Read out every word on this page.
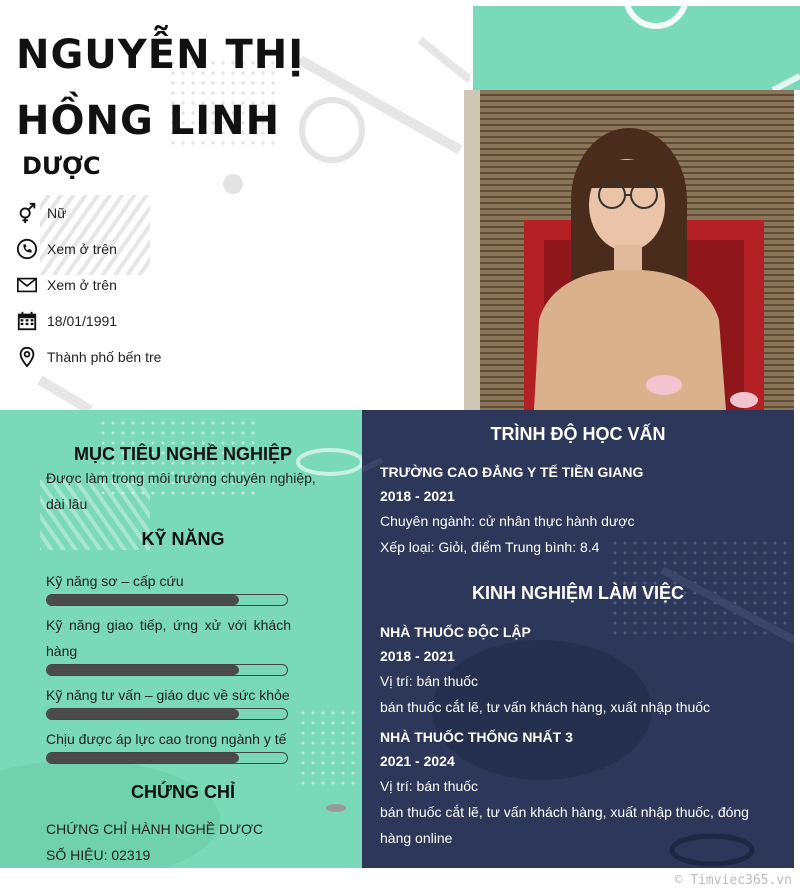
NGUYỄN THỊ HỒNG LINH
DƯỢC
Nữ
Xem ở trên
Xem ở trên
18/01/1991
Thành phố bến tre
MỤC TIÊU NGHỀ NGHIỆP
Được làm trong môi trường chuyên nghiệp, dài lâu
KỸ NĂNG
Kỹ năng sơ – cấp cứu
Kỹ năng giao tiếp, ứng xử với khách hàng
Kỹ năng tư vấn – giáo dục về sức khỏe
Chịu được áp lực cao trong ngành y tế
CHỨNG CHỈ
CHỨNG CHỈ HÀNH NGHỀ DƯỢC
SỐ HIỆU: 02319
TRÌNH ĐỘ HỌC VẤN
TRƯỜNG CAO ĐẲNG Y TẾ TIỀN GIANG
2018 - 2021
Chuyên ngành: cử nhân thực hành dược
Xếp loại: Giỏi, điểm Trung bình: 8.4
KINH NGHIỆM LÀM VIỆC
NHÀ THUỐC ĐỘC LẬP
2018 - 2021
Vị trí: bán thuốc
bán thuốc cắt lẽ, tư vấn khách hàng, xuất nhập thuốc
NHÀ THUỐC THỐNG NHẤT 3
2021 - 2024
Vị trí: bán thuốc
bán thuốc cắt lẽ, tư vấn khách hàng, xuất nhập thuốc, đóng hàng online
© Timviec365.vn
